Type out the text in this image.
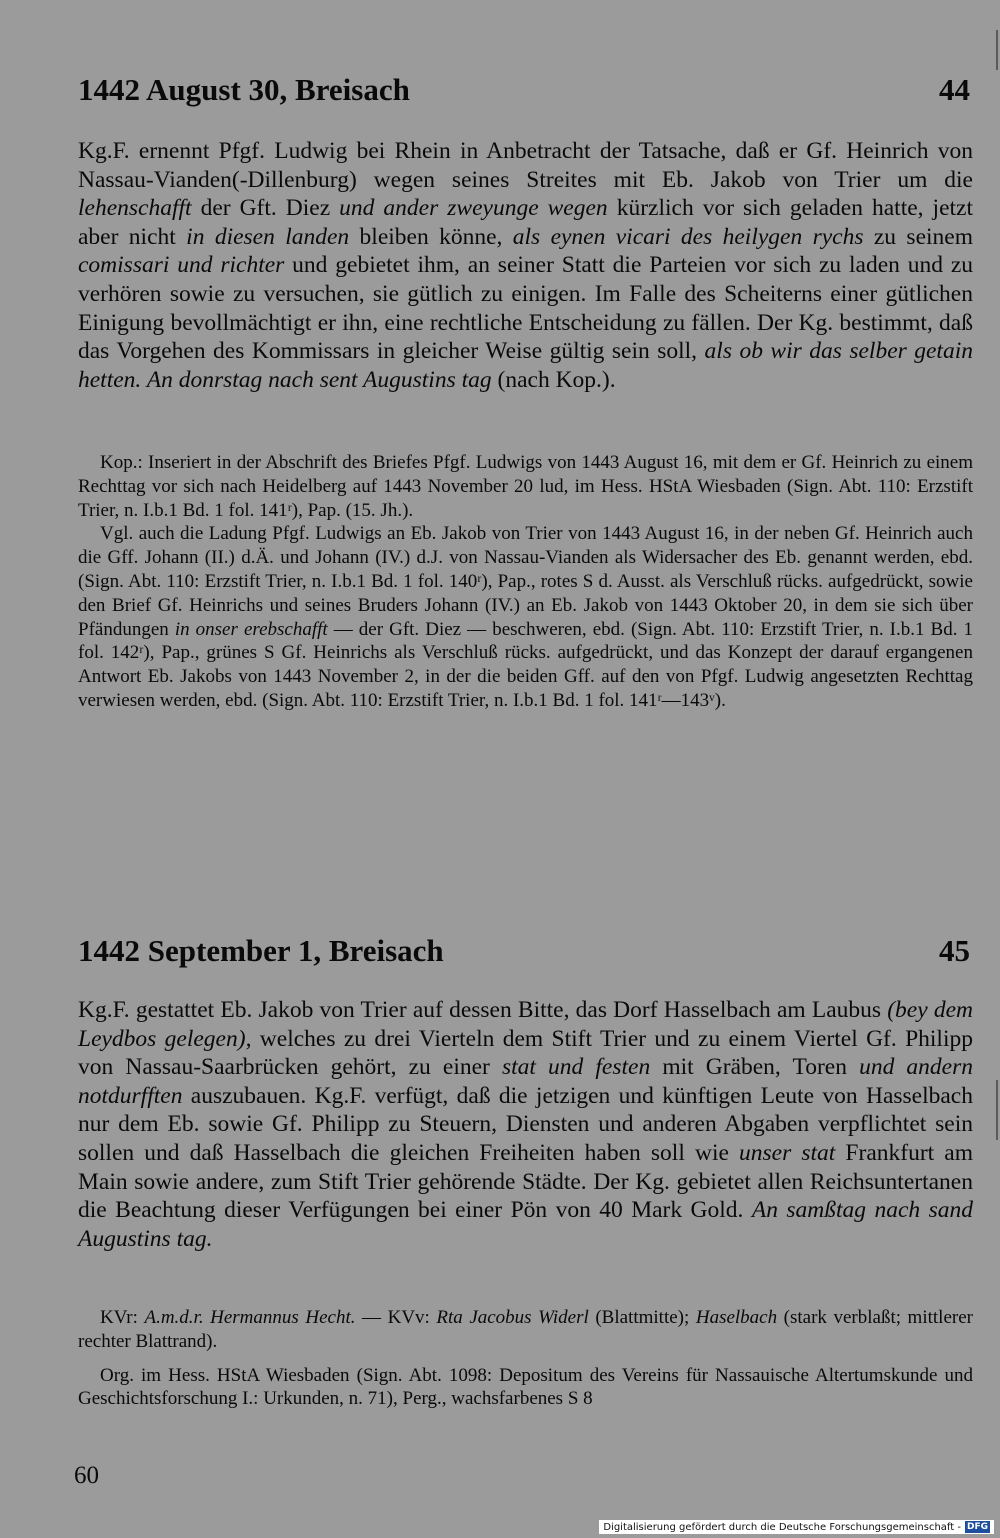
1442 August 30, Breisach	44

Kg.F. ernennt Pfgf. Ludwig bei Rhein in Anbetracht der Tatsache, daß er Gf. Heinrich von Nassau-Vianden(-Dillenburg) wegen seines Streites mit Eb. Jakob von Trier um die lehenschafft der Gft. Diez und ander zweyunge wegen kürzlich vor sich geladen hatte, jetzt aber nicht in diesen landen bleiben könne, als eynen vicari des heilygen rychs zu seinem comissari und richter und gebietet ihm, an seiner Statt die Parteien vor sich zu laden und zu verhören sowie zu versuchen, sie gütlich zu einigen. Im Falle des Scheiterns einer gütlichen Einigung bevollmächtigt er ihn, eine rechtliche Entscheidung zu fällen. Der Kg. bestimmt, daß das Vorgehen des Kommissars in gleicher Weise gültig sein soll, als ob wir das selber getain hetten. An donrstag nach sent Augustins tag (nach Kop.).

Kop.: Inseriert in der Abschrift des Briefes Pfgf. Ludwigs von 1443 August 16, mit dem er Gf. Heinrich zu einem Rechttag vor sich nach Heidelberg auf 1443 November 20 lud, im Hess. HStA Wiesbaden (Sign. Abt. 110: Erzstift Trier, n. I.b.1 Bd. 1 fol. 141ʳ), Pap. (15. Jh.).

Vgl. auch die Ladung Pfgf. Ludwigs an Eb. Jakob von Trier von 1443 August 16, in der neben Gf. Heinrich auch die Gff. Johann (II.) d.Ä. und Johann (IV.) d.J. von Nassau-Vianden als Widersacher des Eb. genannt werden, ebd. (Sign. Abt. 110: Erzstift Trier, n. I.b.1 Bd. 1 fol. 140ʳ), Pap., rotes S d. Ausst. als Verschluß rücks. aufgedrückt, sowie den Brief Gf. Heinrichs und seines Bruders Johann (IV.) an Eb. Jakob von 1443 Oktober 20, in dem sie sich über Pfändungen in onser erebschafft — der Gft. Diez — beschweren, ebd. (Sign. Abt. 110: Erzstift Trier, n. I.b.1 Bd. 1 fol. 142ʳ), Pap., grünes S Gf. Heinrichs als Verschluß rücks. aufgedrückt, und das Konzept der darauf ergangenen Antwort Eb. Jakobs von 1443 November 2, in der die beiden Gff. auf den von Pfgf. Ludwig angesetzten Rechttag verwiesen werden, ebd. (Sign. Abt. 110: Erzstift Trier, n. I.b.1 Bd. 1 fol. 141ʳ—143ᵛ).

1442 September 1, Breisach	45

Kg.F. gestattet Eb. Jakob von Trier auf dessen Bitte, das Dorf Hasselbach am Laubus (bey dem Leydbos gelegen), welches zu drei Vierteln dem Stift Trier und zu einem Viertel Gf. Philipp von Nassau-Saarbrücken gehört, zu einer stat und festen mit Gräben, Toren und andern notdurfften auszubauen. Kg.F. verfügt, daß die jetzigen und künftigen Leute von Hasselbach nur dem Eb. sowie Gf. Philipp zu Steuern, Diensten und anderen Abgaben verpflichtet sein sollen und daß Hasselbach die gleichen Freiheiten haben soll wie unser stat Frankfurt am Main sowie andere, zum Stift Trier gehörende Städte. Der Kg. gebietet allen Reichsuntertanen die Beachtung dieser Verfügungen bei einer Pön von 40 Mark Gold. An samßtag nach sand Augustins tag.

KVr: A.m.d.r. Hermannus Hecht. — KVv: Rta Jacobus Widerl (Blattmitte); Haselbach (stark verblaßt; mittlerer rechter Blattrand).

Org. im Hess. HStA Wiesbaden (Sign. Abt. 1098: Depositum des Vereins für Nassauische Altertumskunde und Geschichtsforschung I.: Urkunden, n. 71), Perg., wachsfarbenes S 8

60
Digitalisierung gefördert durch die Deutsche Forschungsgemeinschaft - DFG
